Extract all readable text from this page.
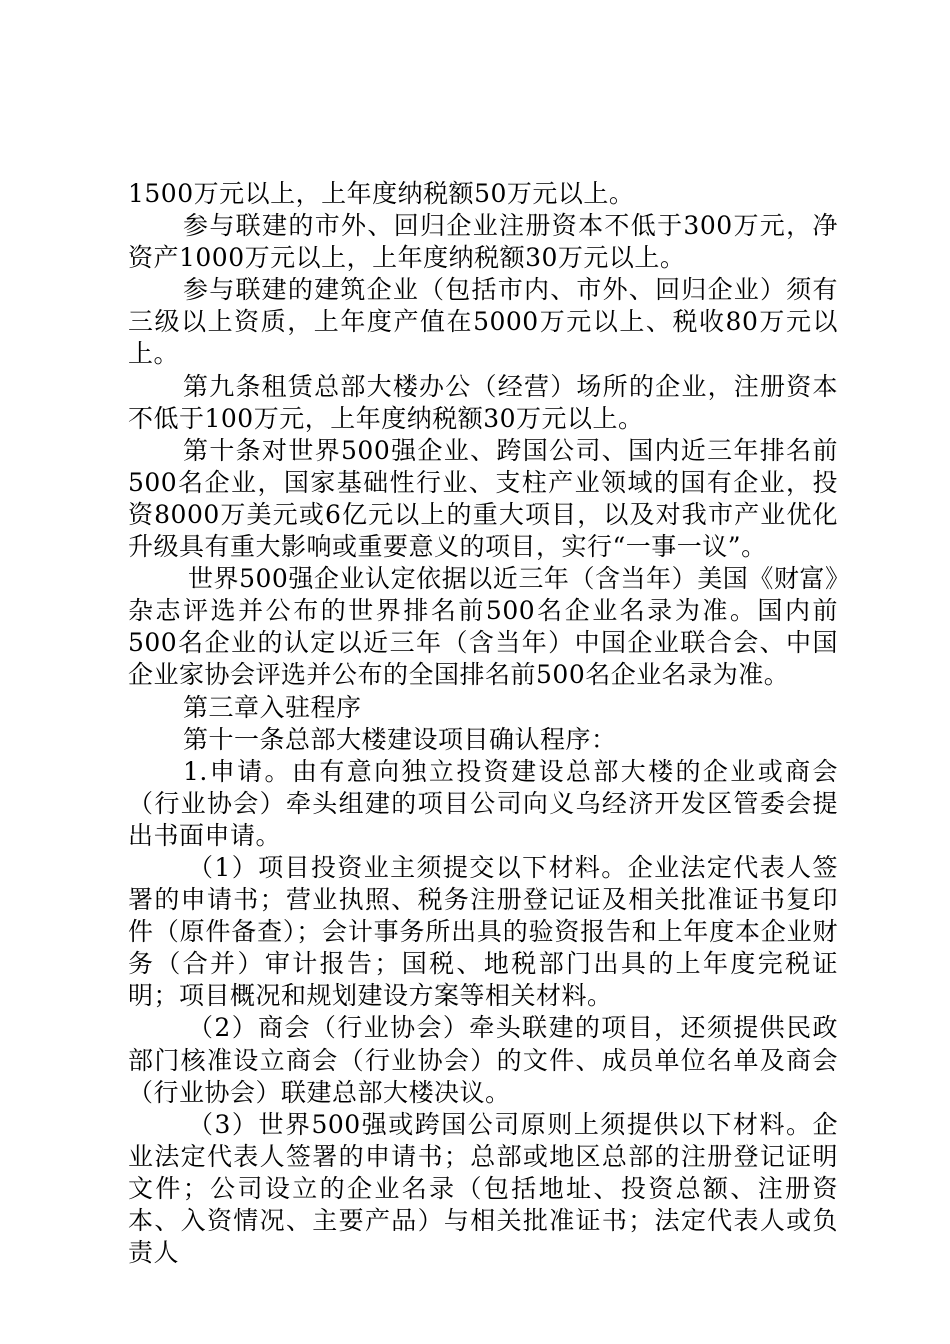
1500万元以上，上年度纳税额50万元以上。

参与联建的市外、回归企业注册资本不低于300万元，净资产1000万元以上，上年度纳税额30万元以上。

参与联建的建筑企业（包括市内、市外、回归企业）须有三级以上资质，上年度产值在5000万元以上、税收80万元以上。

第九条租赁总部大楼办公（经营）场所的企业，注册资本不低于100万元，上年度纳税额30万元以上。

第十条对世界500强企业、跨国公司、国内近三年排名前500名企业，国家基础性行业、支柱产业领域的国有企业，投资8000万美元或6亿元以上的重大项目，以及对我市产业优化升级具有重大影响或重要意义的项目，实行“一事一议”。

世界500强企业认定依据以近三年（含当年）美国《财富》杂志评选并公布的世界排名前500名企业名录为准。国内前500名企业的认定以近三年（含当年）中国企业联合会、中国企业家协会评选并公布的全国排名前500名企业名录为准。

第三章入驻程序

第十一条总部大楼建设项目确认程序：

1.申请。由有意向独立投资建设总部大楼的企业或商会（行业协会）牵头组建的项目公司向义乌经济开发区管委会提出书面申请。

（1）项目投资业主须提交以下材料。企业法定代表人签署的申请书；营业执照、税务注册登记证及相关批准证书复印件（原件备查）；会计事务所出具的验资报告和上年度本企业财务（合并）审计报告；国税、地税部门出具的上年度完税证明；项目概况和规划建设方案等相关材料。

（2）商会（行业协会）牵头联建的项目，还须提供民政部门核准设立商会（行业协会）的文件、成员单位名单及商会（行业协会）联建总部大楼决议。

（3）世界500强或跨国公司原则上须提供以下材料。企业法定代表人签署的申请书；总部或地区总部的注册登记证明文件；公司设立的企业名录（包括地址、投资总额、注册资本、入资情况、主要产品）与相关批准证书；法定代表人或负责人
